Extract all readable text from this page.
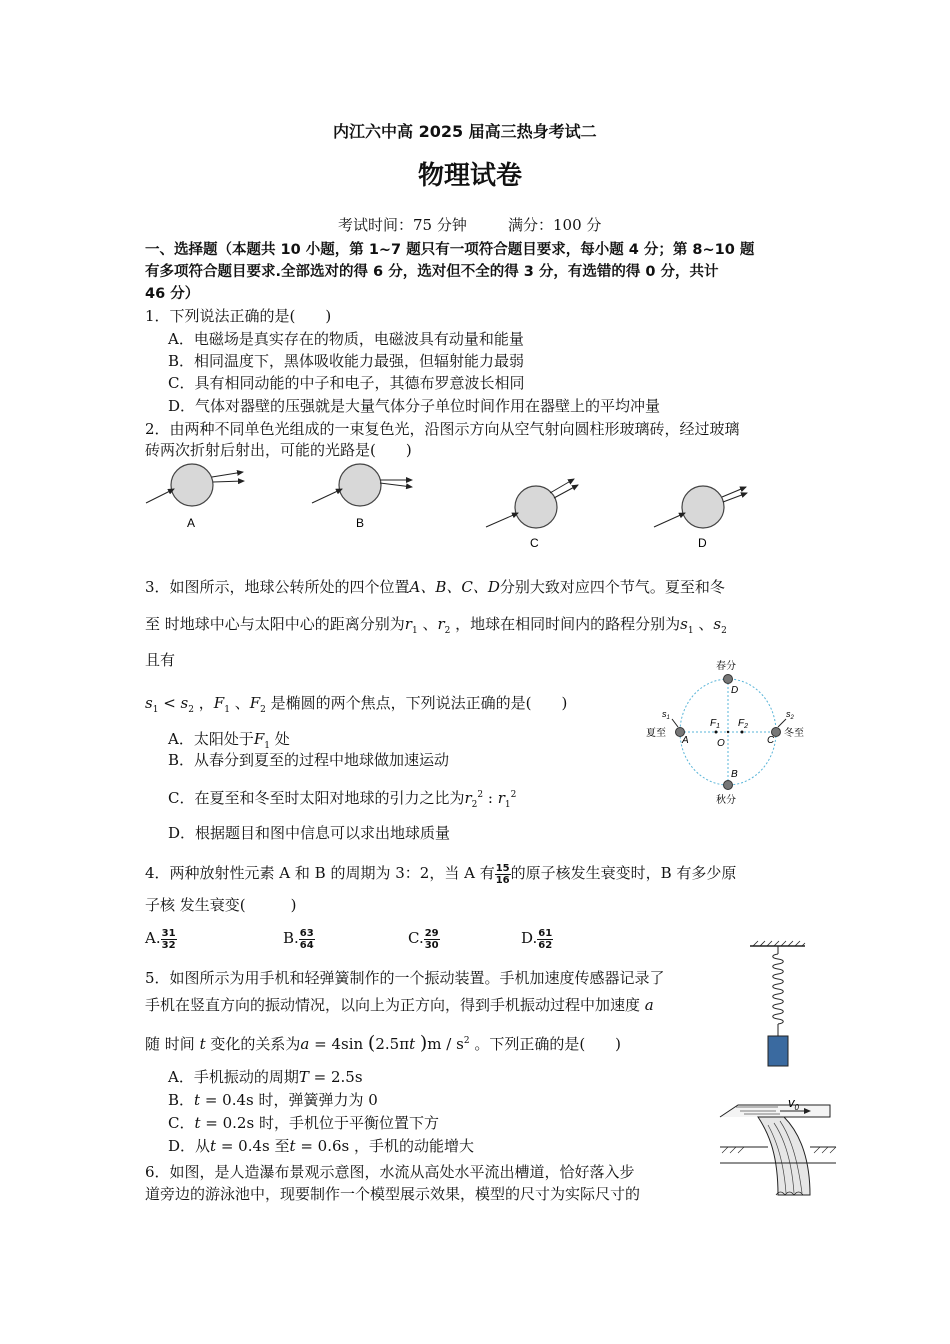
内江六中高 2025 届高三热身考试二
物理试卷
考试时间：75 分钟	满分：100 分
一、选择题（本题共 10 小题，第 1~7 题只有一项符合题目要求，每小题 4 分；第 8~10 题
有多项符合题目要求.全部选对的得 6 分，选对但不全的得 3 分，有选错的得 0 分，共计
46 分）
1．下列说法正确的是(　　)
A．电磁场是真实存在的物质，电磁波具有动量和能量
B．相同温度下，黑体吸收能力最强，但辐射能力最弱
C．具有相同动能的中子和电子，其德布罗意波长相同
D．气体对器壁的压强就是大量气体分子单位时间作用在器壁上的平均冲量
2．由两种不同单色光组成的一束复色光，沿图示方向从空气射向圆柱形玻璃砖，经过玻璃
砖两次折射后射出，可能的光路是(　　)
A	B
C	D
3．如图所示，地球公转所处的四个位置A、B、C、D分别大致对应四个节气。夏至和冬
至 时地球中心与太阳中心的距离分别为$r_1$ 、$r_2$ ，地球在相同时间内的路程分别为$s_1$ 、$s_2$
且有
$s_1 < s_2$ ，$F_1$ 、$F_2$ 是椭圆的两个焦点，下列说法正确的是(　　)
A．太阳处于$F_1$ 处
B．从春分到夏至的过程中地球做加速运动
C．在夏至和冬至时太阳对地球的引力之比为$r_2^2$ : $r_1^2$
D．根据题目和图中信息可以求出地球质量
春分
夏至	冬至
秋分
A	C
D
B
O
$F_1$ $F_2$
$s_1$	$s_2$
4．两种放射性元素 A 和 B 的周期为 3：2，当 A 有 $\frac{15}{16}$ 的原子核发生衰变时，B 有多少原
子核 发生衰变(　　　)
A. $\frac{31}{32}$	B. $\frac{63}{64}$	C. $\frac{29}{30}$	D. $\frac{61}{62}$
5．如图所示为用手机和轻弹簧制作的一个振动装置。手机加速度传感器记录了
手机在竖直方向的振动情况，以向上为正方向，得到手机振动过程中加速度 a
随 时间 t 变化的关系为a = 4sin (2.5πt )$m / s^2$ 。下列正确的是(　　)
A．手机振动的周期T = 2.5s
B．t = 0.4s 时，弹簧弹力为 0
C．t = 0.2s 时，手机位于平衡位置下方
D．从t = 0.4s 至t = 0.6s ，手机的动能增大
6．如图，是人造瀑布景观示意图，水流从高处水平流出槽道，恰好落入步
道旁边的游泳池中，现要制作一个模型展示效果，模型的尺寸为实际尺寸的
$v_0$
